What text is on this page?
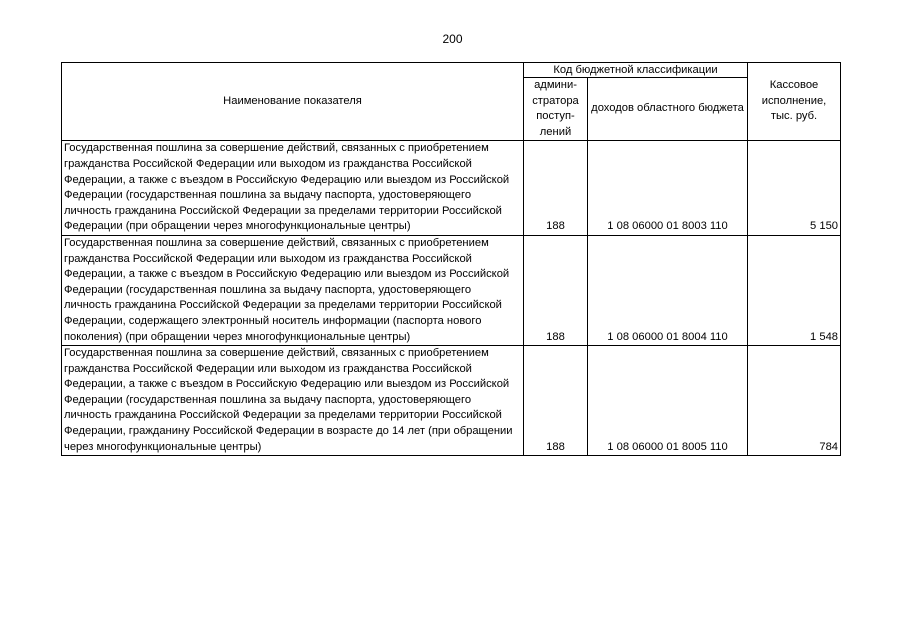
200
Наименование показателя	Код бюджетной классификации		Кассовое исполнение, тыс. руб.
	админи-стратора поступ-лений	доходов областного бюджета	
Государственная пошлина за совершение действий, связанных с приобретением гражданства Российской Федерации или выходом из гражданства Российской Федерации, а также с въездом в Российскую Федерацию или выездом из Российской Федерации (государственная пошлина за выдачу паспорта, удостоверяющего личность гражданина Российской Федерации за пределами территории Российской Федерации (при обращении через многофункциональные центры)	188	1 08 06000 01 8003 110	5 150
Государственная пошлина за совершение действий, связанных с приобретением гражданства Российской Федерации или выходом из гражданства Российской Федерации, а также с въездом в Российскую Федерацию или выездом из Российской Федерации (государственная пошлина за выдачу паспорта, удостоверяющего личность гражданина Российской Федерации за пределами территории Российской Федерации, содержащего электронный носитель информации (паспорта нового поколения) (при обращении через многофункциональные центры)	188	1 08 06000 01 8004 110	1 548
Государственная пошлина за совершение действий, связанных с приобретением гражданства Российской Федерации или выходом из гражданства Российской Федерации, а также с въездом в Российскую Федерацию или выездом из Российской Федерации (государственная пошлина за выдачу паспорта, удостоверяющего личность гражданина Российской Федерации за пределами территории Российской Федерации, гражданину Российской Федерации в возрасте до 14 лет (при обращении через многофункциональные центры)	188	1 08 06000 01 8005 110	784
